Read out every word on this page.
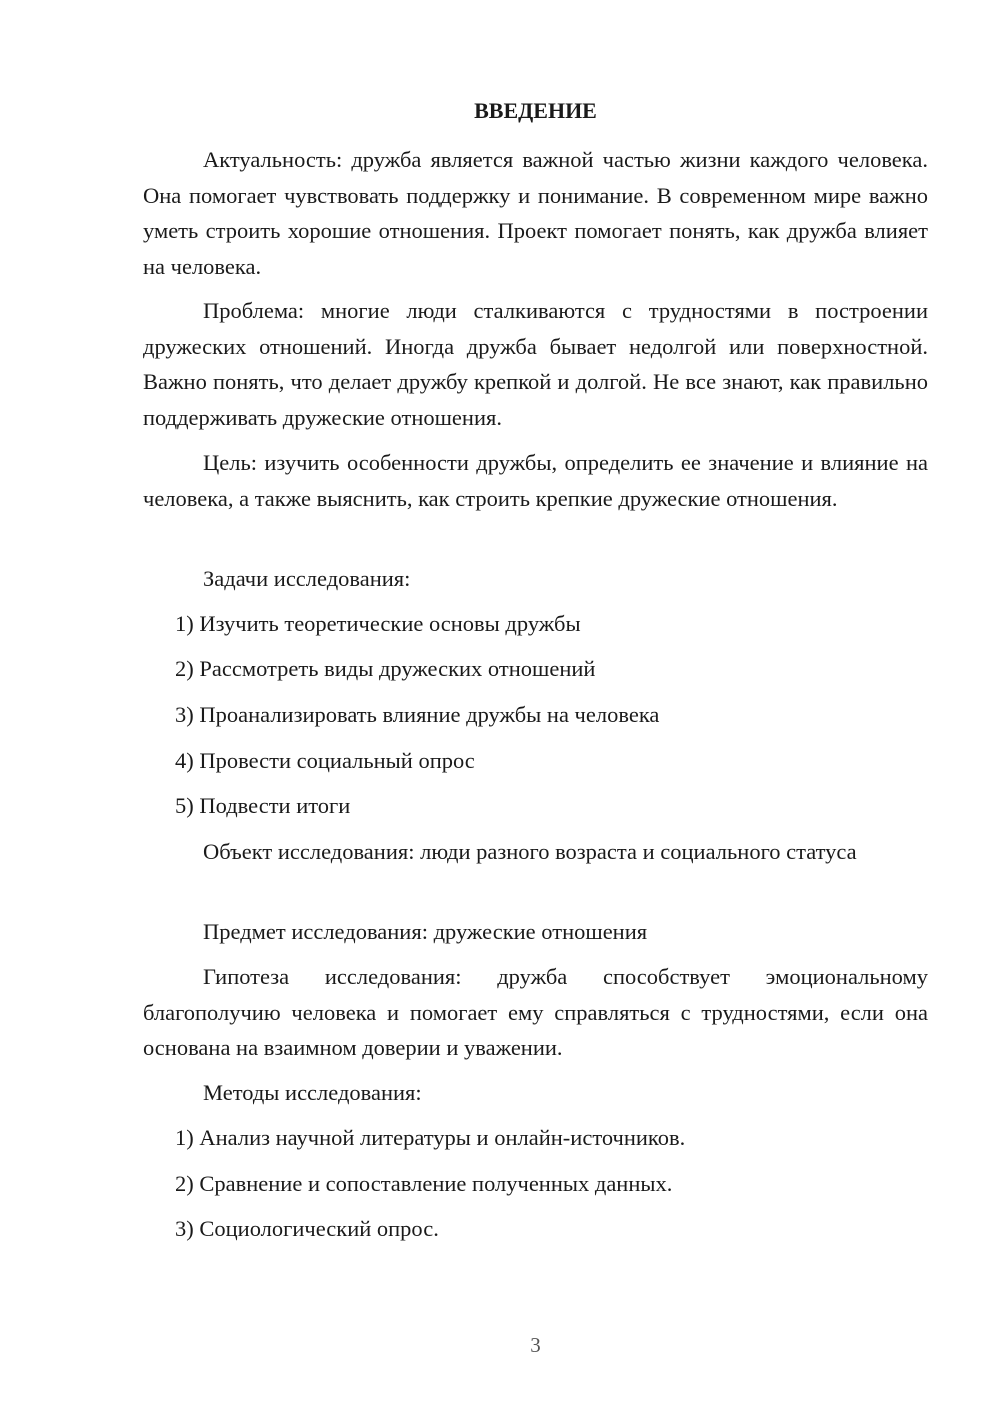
ВВЕДЕНИЕ

Актуальность: дружба является важной частью жизни каждого человека. Она помогает чувствовать поддержку и понимание. В современном мире важно уметь строить хорошие отношения. Проект помогает понять, как дружба влияет на человека.

Проблема: многие люди сталкиваются с трудностями в построении дружеских отношений. Иногда дружба бывает недолгой или поверхностной. Важно понять, что делает дружбу крепкой и долгой. Не все знают, как правильно поддерживать дружеские отношения.

Цель: изучить особенности дружбы, определить ее значение и влияние на человека, а также выяснить, как строить крепкие дружеские отношения.

Задачи исследования:

1) Изучить теоретические основы дружбы

2) Рассмотреть виды дружеских отношений

3) Проанализировать влияние дружбы на человека

4) Провести социальный опрос

5) Подвести итоги

Объект исследования: люди разного возраста и социального статуса

Предмет исследования: дружеские отношения

Гипотеза исследования: дружба способствует эмоциональному благополучию человека и помогает ему справляться с трудностями, если она основана на взаимном доверии и уважении.

Методы исследования:

1) Анализ научной литературы и онлайн-источников.

2) Сравнение и сопоставление полученных данных.

3) Социологический опрос.

3
